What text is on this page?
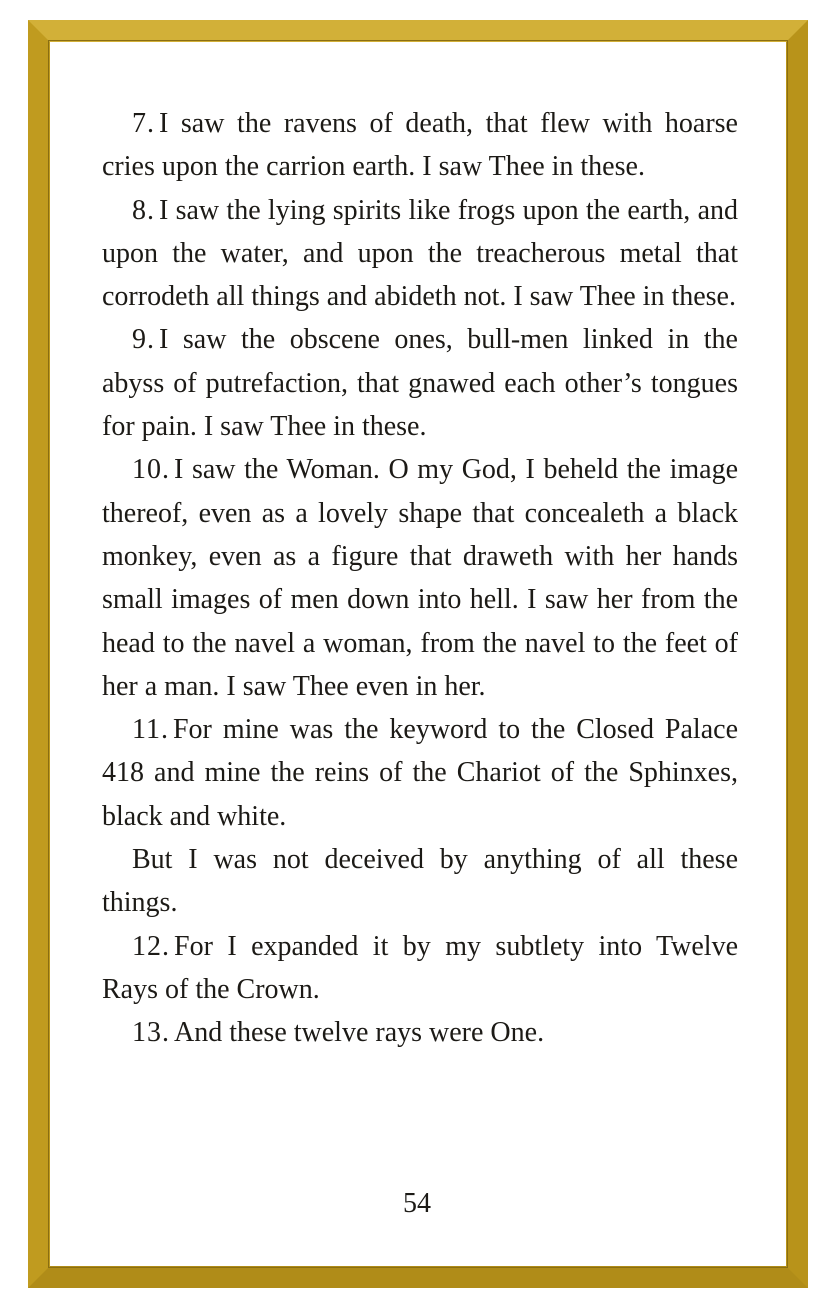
7. I saw the ravens of death, that flew with hoarse cries upon the carrion earth. I saw Thee in these.

8. I saw the lying spirits like frogs upon the earth, and upon the water, and upon the treacherous metal that corrodeth all things and abideth not. I saw Thee in these.

9. I saw the obscene ones, bull-men linked in the abyss of putrefaction, that gnawed each other’s tongues for pain. I saw Thee in these.

10. I saw the Woman. O my God, I beheld the image thereof, even as a lovely shape that concealeth a black monkey, even as a figure that draweth with her hands small images of men down into hell. I saw her from the head to the navel a woman, from the navel to the feet of her a man. I saw Thee even in her.

11. For mine was the keyword to the Closed Palace 418 and mine the reins of the Chariot of the Sphinxes, black and white.

But I was not deceived by anything of all these things.

12. For I expanded it by my subtlety into Twelve Rays of the Crown.

13. And these twelve rays were One.

54
